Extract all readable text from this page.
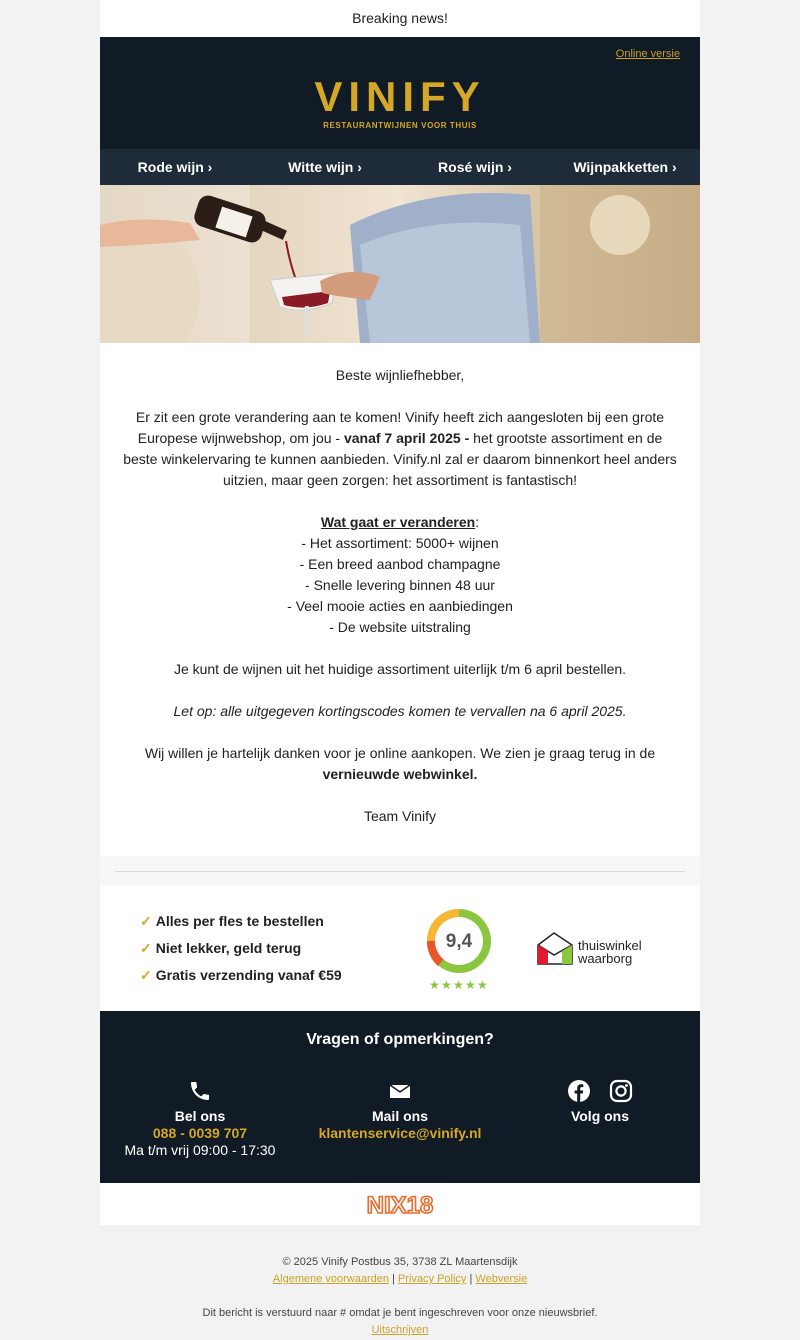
Breaking news!
Online versie
VINIFY
RESTAURANTWIJNEN VOOR THUIS
Rode wijn ›	Witte wijn ›	Rosé wijn ›	Wijnpakketten ›

Beste wijnliefhebber,

Er zit een grote verandering aan te komen! Vinify heeft zich aangesloten bij een grote Europese wijnwebshop, om jou - vanaf 7 april 2025 - het grootste assortiment en de beste winkelervaring te kunnen aanbieden. Vinify.nl zal er daarom binnenkort heel anders uitzien, maar geen zorgen: het assortiment is fantastisch!

Wat gaat er veranderen:
- Het assortiment: 5000+ wijnen
- Een breed aanbod champagne
- Snelle levering binnen 48 uur
- Veel mooie acties en aanbiedingen
- De website uitstraling

Je kunt de wijnen uit het huidige assortiment uiterlijk t/m 6 april bestellen.

Let op: alle uitgegeven kortingscodes komen te vervallen na 6 april 2025.

Wij willen je hartelijk danken voor je online aankopen. We zien je graag terug in de vernieuwde webwinkel.

Team Vinify

✓ Alles per fles te bestellen
✓ Niet lekker, geld terug
✓ Gratis verzending vanaf €59
9,4
★ ★ ★ ★ ★
thuiswinkel
waarborg
Vragen of opmerkingen?
Bel ons
088 - 0039 707
Ma t/m vrij 09:00 - 17:30
Mail ons
klantenservice@vinify.nl
Volg ons
NIX18
© 2025 Vinify Postbus 35, 3738 ZL Maartensdijk
Algemene voorwaarden | Privacy Policy | Webversie
Dit bericht is verstuurd naar # omdat je bent ingeschreven voor onze nieuwsbrief.
Uitschrijven
